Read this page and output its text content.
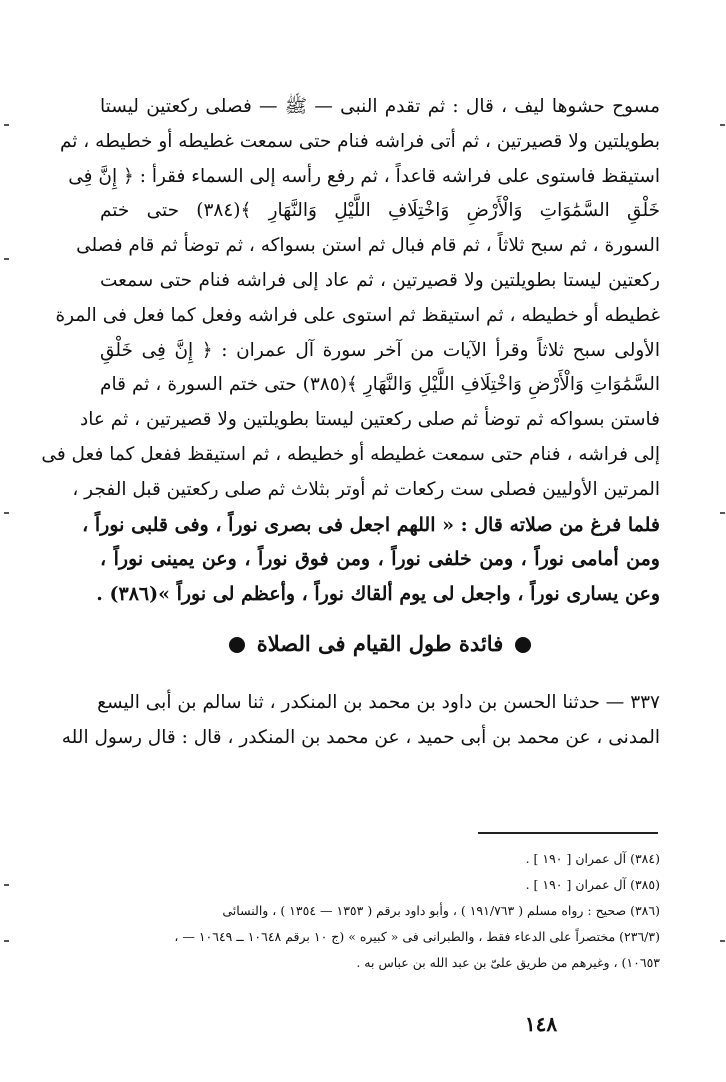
مسوح حشوها ليف ، قال : ثم تقدم النبى — ﷺ — فصلى ركعتين ليستا
بطويلتين ولا قصيرتين ، ثم أتى فراشه فنام حتى سمعت غطيطه أو خطيطه ، ثم
استيقظ فاستوى على فراشه قاعداً ، ثم رفع رأسه إلى السماء فقرأ : ﴿ إِنَّ فِى
خَلْقِ السَّمَٰوَاتِ وَالْأَرْضِ وَاخْتِلَافِ اللَّيْلِ وَالنَّهَارِ ﴾(٣٨٤) حتى ختم
السورة ، ثم سبح ثلاثاً ، ثم قام فبال ثم استن بسواكه ، ثم توضأ ثم قام فصلى
ركعتين ليستا بطويلتين ولا قصيرتين ، ثم عاد إلى فراشه فنام حتى سمعت
غطيطه أو خطيطه ، ثم استيقظ ثم استوى على فراشه وفعل كما فعل فى المرة
الأولى سبح ثلاثاً وقرأ الآيات من آخر سورة آل عمران : ﴿ إِنَّ فِى خَلْقِ
السَّمَٰوَاتِ وَالْأَرْضِ وَاخْتِلَافِ اللَّيْلِ وَالنَّهَارِ ﴾(٣٨٥) حتى ختم السورة ، ثم قام
فاستن بسواكه ثم توضأ ثم صلى ركعتين ليستا بطويلتين ولا قصيرتين ، ثم عاد
إلى فراشه ، فنام حتى سمعت غطيطه أو خطيطه ، ثم استيقظ ففعل كما فعل فى
المرتين الأوليين فصلى ست ركعات ثم أوتر بثلاث ثم صلى ركعتين قبل الفجر ،
فلما فرغ من صلاته قال : « اللهم اجعل فى بصرى نوراً ، وفى قلبى نوراً ،
ومن أمامى نوراً ، ومن خلفى نوراً ، ومن فوق نوراً ، وعن يمينى نوراً ،
وعن يسارى نوراً ، واجعل لى يوم ألقاك نوراً ، وأعظم لى نوراً »(٣٨٦) .
فائدة طول القيام فى الصلاة
٣٣٧ — حدثنا الحسن بن داود بن محمد بن المنكدر ، ثنا سالم بن أبى اليسع
المدنى ، عن محمد بن أبى حميد ، عن محمد بن المنكدر ، قال : قال رسول الله
(٣٨٤) آل عمران [ ١٩٠ ] .
(٣٨٥) آل عمران [ ١٩٠ ] .
(٣٨٦) صحيح : رواه مسلم ( ١٩١/٧٦٣ ) ، وأبو داود برقم ( ١٣٥٣ — ١٣٥٤ ) ، والنسائى
(٢٣٦/٣) مختصراً على الدعاء فقط ، والطبرانى فى « كبيره » (ج ١٠ برقم ١٠٦٤٨ ــ ١٠٦٤٩ — ،
١٠٦٥٣) ، وغيرهم من طريق علىّ بن عبد الله بن عباس به .
١٤٨
